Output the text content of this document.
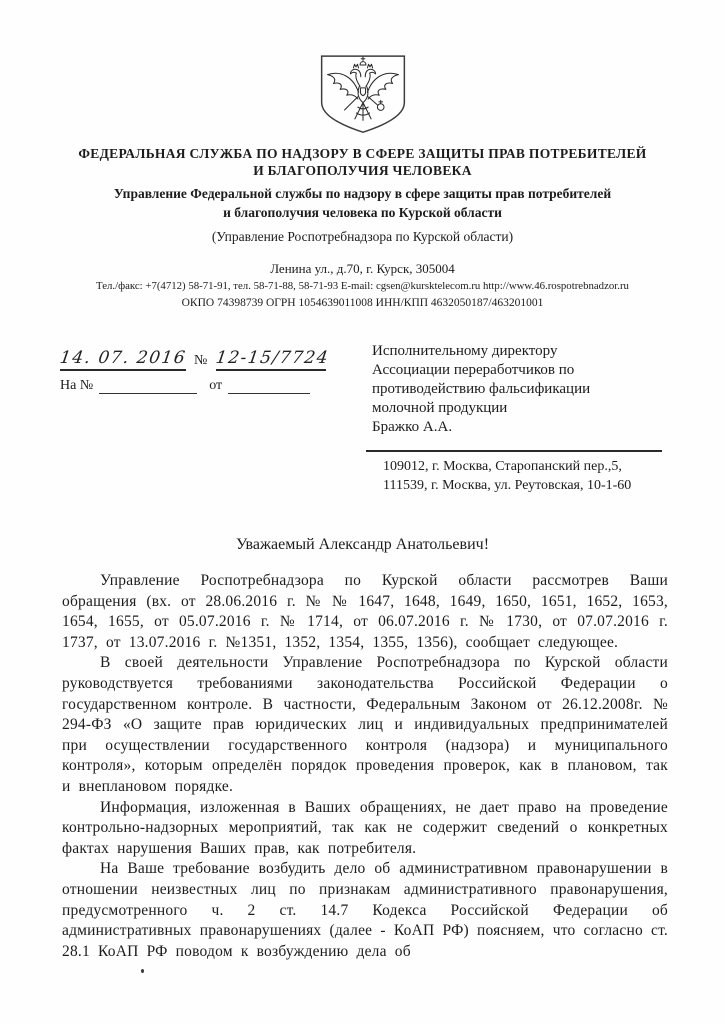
ФЕДЕРАЛЬНАЯ СЛУЖБА ПО НАДЗОРУ В СФЕРЕ ЗАЩИТЫ ПРАВ ПОТРЕБИТЕЛЕЙ
И БЛАГОПОЛУЧИЯ ЧЕЛОВЕКА
Управление Федеральной службы по надзору в сфере защиты прав потребителей
и благополучия человека по Курской области
(Управление Роспотребнадзора по Курской области)
Ленина ул., д.70, г. Курск, 305004
Тел./факс: +7(4712) 58-71-91, тел. 58-71-88, 58-71-93 E-mail: cgsen@kursktelecom.ru http://www.46.rospotrebnadzor.ru
ОКПО 74398739 ОГРН 1054639011008 ИНН/КПП 4632050187/463201001
14. 07. 2016 № 12-15/7724
На №	от
Исполнительному директору
Ассоциации переработчиков по
противодействию фальсификации
молочной продукции
Бражко А.А.
109012, г. Москва, Старопанский пер.,5,
111539, г. Москва, ул. Реутовская, 10-1-60
Уважаемый Александр Анатольевич!

Управление Роспотребнадзора по Курской области рассмотрев Ваши обращения (вх. от 28.06.2016 г. № № 1647, 1648, 1649, 1650, 1651, 1652, 1653, 1654, 1655, от 05.07.2016 г. № 1714, от 06.07.2016 г. № 1730, от 07.07.2016 г. 1737, от 13.07.2016 г. №1351, 1352, 1354, 1355, 1356), сообщает следующее.

В своей деятельности Управление Роспотребнадзора по Курской области руководствуется требованиями законодательства Российской Федерации о государственном контроле. В частности, Федеральным Законом от 26.12.2008г. № 294-ФЗ «О защите прав юридических лиц и индивидуальных предпринимателей при осуществлении государственного контроля (надзора) и муниципального контроля», которым определён порядок проведения проверок, как в плановом, так и внеплановом порядке.

Информация, изложенная в Ваших обращениях, не дает право на проведение контрольно-надзорных мероприятий, так как не содержит сведений о конкретных фактах нарушения Ваших прав, как потребителя.

На Ваше требование возбудить дело об административном правонарушении в отношении неизвестных лиц по признакам административного правонарушения, предусмотренного ч. 2 ст. 14.7 Кодекса Российской Федерации об административных правонарушениях (далее - КоАП РФ) поясняем, что согласно ст. 28.1 КоАП РФ поводом к возбуждению дела об
